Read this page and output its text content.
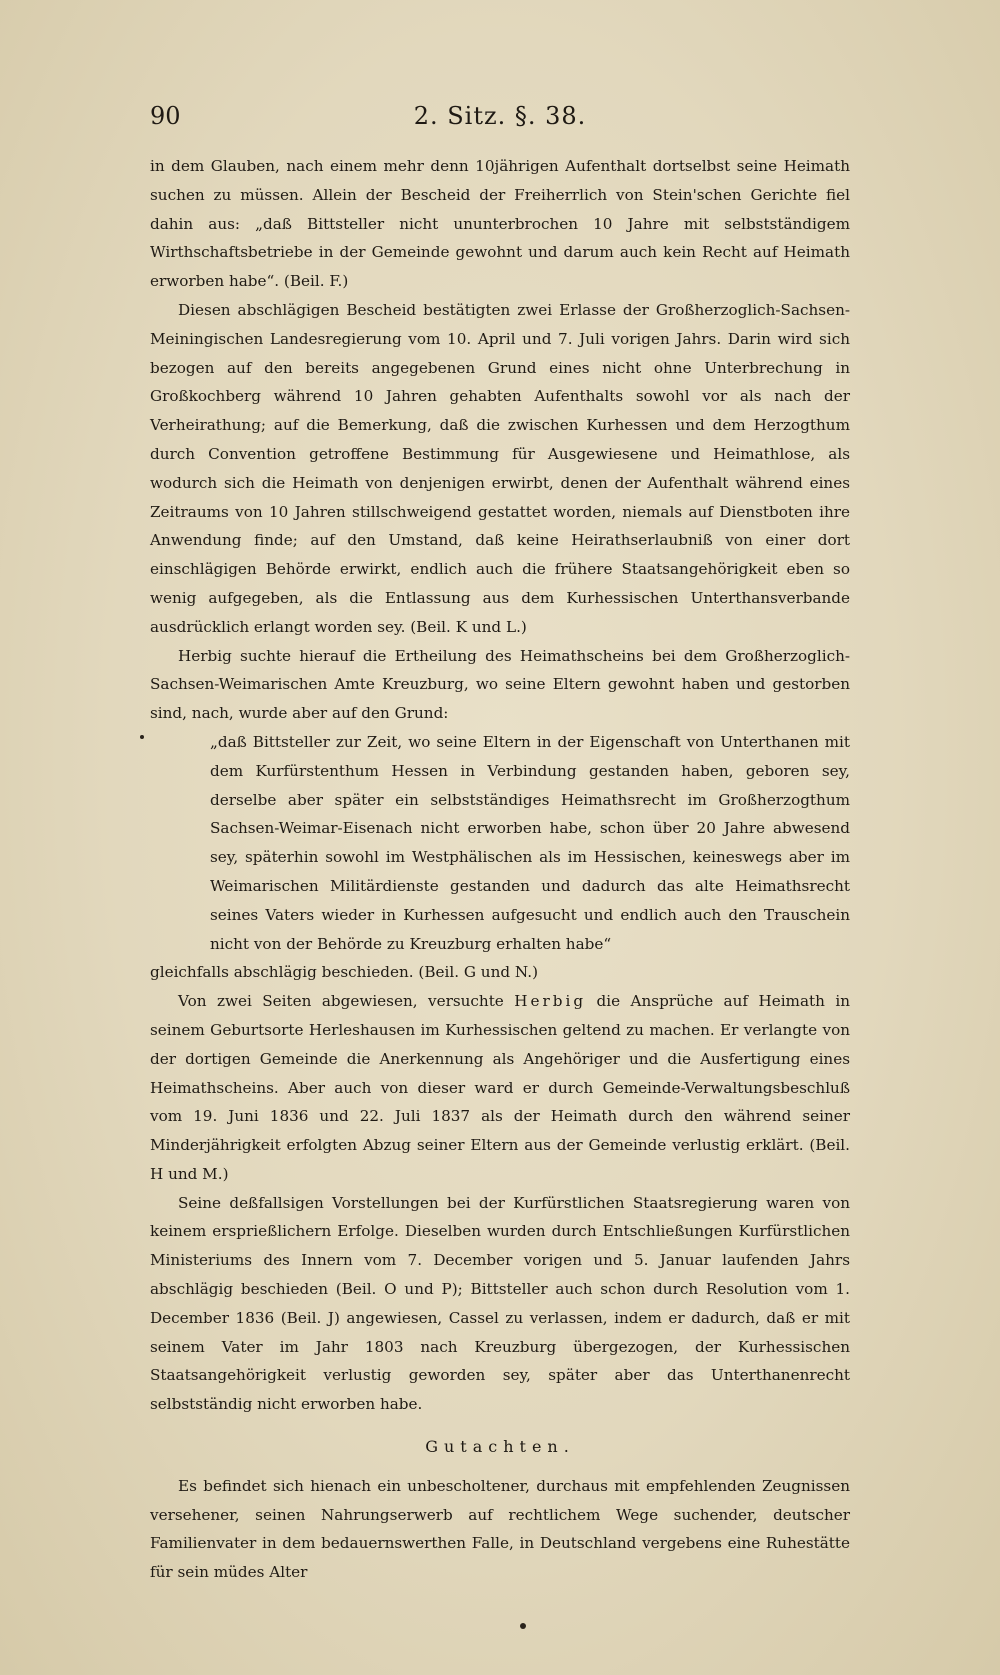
90	2. Sitz. §. 38.

in dem Glauben, nach einem mehr denn 10jährigen Aufenthalt dortselbst seine Heimath suchen zu müssen. Allein der Bescheid der Freiherrlich von Stein'schen Gerichte fiel dahin aus: „daß Bittsteller nicht ununterbrochen 10 Jahre mit selbstständigem Wirthschaftsbetriebe in der Gemeinde gewohnt und darum auch kein Recht auf Heimath erworben habe“. (Beil. F.)

Diesen abschlägigen Bescheid bestätigten zwei Erlasse der Großherzoglich-Sachsen-Meiningischen Landesregierung vom 10. April und 7. Juli vorigen Jahrs. Darin wird sich bezogen auf den bereits angegebenen Grund eines nicht ohne Unterbrechung in Großkochberg während 10 Jahren gehabten Aufenthalts sowohl vor als nach der Verheirathung; auf die Bemerkung, daß die zwischen Kurhessen und dem Herzogthum durch Convention getroffene Bestimmung für Ausgewiesene und Heimathlose, als wodurch sich die Heimath von denjenigen erwirbt, denen der Aufenthalt während eines Zeitraums von 10 Jahren stillschweigend gestattet worden, niemals auf Dienstboten ihre Anwendung finde; auf den Umstand, daß keine Heirathserlaubniß von einer dort einschlägigen Behörde erwirkt, endlich auch die frühere Staatsangehörigkeit eben so wenig aufgegeben, als die Entlassung aus dem Kurhessischen Unterthansverbande ausdrücklich erlangt worden sey. (Beil. K und L.)

Herbig suchte hierauf die Ertheilung des Heimathscheins bei dem Großherzoglich-Sachsen-Weimarischen Amte Kreuzburg, wo seine Eltern gewohnt haben und gestorben sind, nach, wurde aber auf den Grund:

„daß Bittsteller zur Zeit, wo seine Eltern in der Eigenschaft von Unterthanen mit dem Kurfürstenthum Hessen in Verbindung gestanden haben, geboren sey, derselbe aber später ein selbstständiges Heimathsrecht im Großherzogthum Sachsen-Weimar-Eisenach nicht erworben habe, schon über 20 Jahre abwesend sey, späterhin sowohl im Westphälischen als im Hessischen, keineswegs aber im Weimarischen Militärdienste gestanden und dadurch das alte Heimathsrecht seines Vaters wieder in Kurhessen aufgesucht und endlich auch den Trauschein nicht von der Behörde zu Kreuzburg erhalten habe“

gleichfalls abschlägig beschieden. (Beil. G und N.)

Von zwei Seiten abgewiesen, versuchte Herbig die Ansprüche auf Heimath in seinem Geburtsorte Herleshausen im Kurhessischen geltend zu machen. Er verlangte von der dortigen Gemeinde die Anerkennung als Angehöriger und die Ausfertigung eines Heimathscheins. Aber auch von dieser ward er durch Gemeinde-Verwaltungsbeschluß vom 19. Juni 1836 und 22. Juli 1837 als der Heimath durch den während seiner Minderjährigkeit erfolgten Abzug seiner Eltern aus der Gemeinde verlustig erklärt. (Beil. H und M.)

Seine deßfallsigen Vorstellungen bei der Kurfürstlichen Staatsregierung waren von keinem ersprießlichern Erfolge. Dieselben wurden durch Entschließungen Kurfürstlichen Ministeriums des Innern vom 7. December vorigen und 5. Januar laufenden Jahrs abschlägig beschieden (Beil. O und P); Bittsteller auch schon durch Resolution vom 1. December 1836 (Beil. J) angewiesen, Cassel zu verlassen, indem er dadurch, daß er mit seinem Vater im Jahr 1803 nach Kreuzburg übergezogen, der Kurhessischen Staatsangehörigkeit verlustig geworden sey, später aber das Unterthanenrecht selbstständig nicht erworben habe.

Gutachten.

Es befindet sich hienach ein unbescholtener, durchaus mit empfehlenden Zeugnissen versehener, seinen Nahrungserwerb auf rechtlichem Wege suchender, deutscher Familienvater in dem bedauernswerthen Falle, in Deutschland vergebens eine Ruhestätte für sein müdes Alter
